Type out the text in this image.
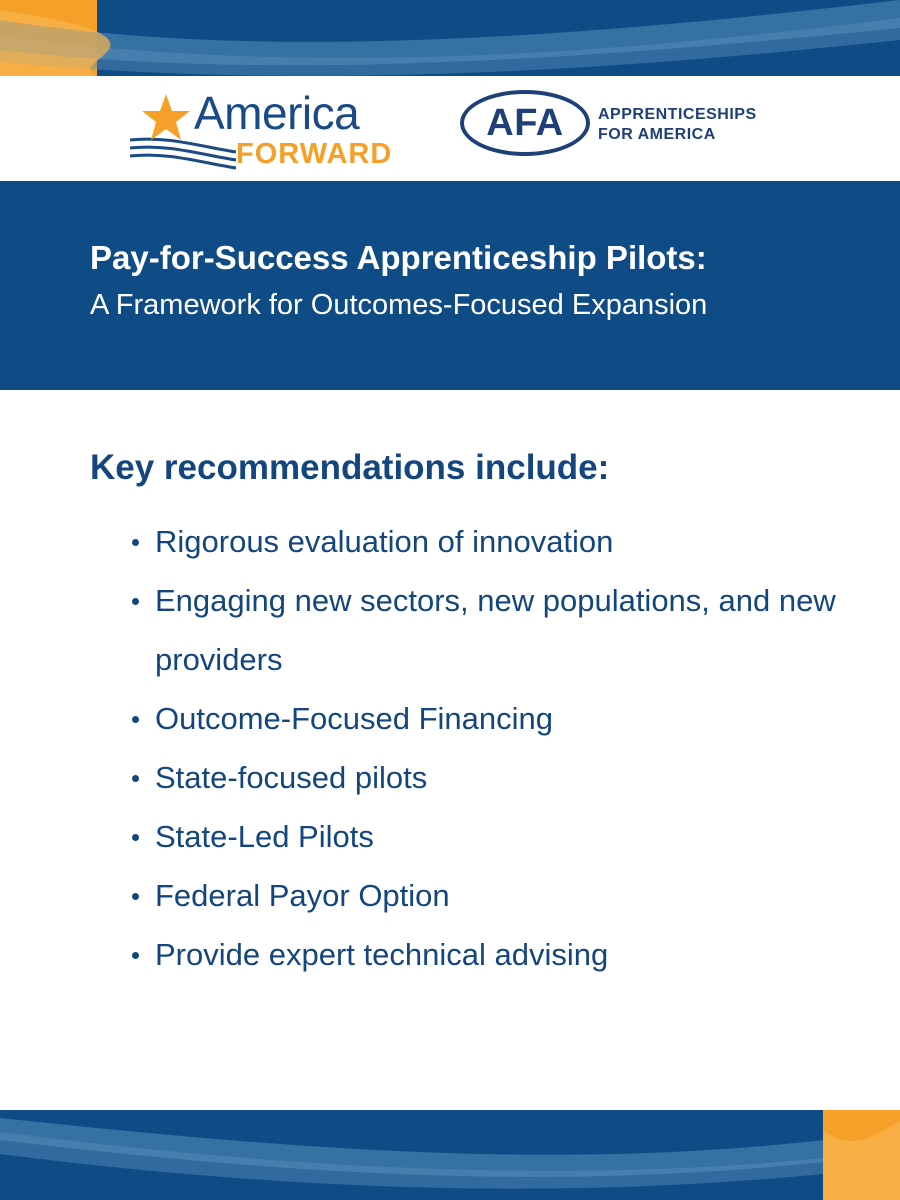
America
FORWARD
AFA	APPRENTICESHIPS
FOR AMERICA
Pay-for-Success Apprenticeship Pilots:
A Framework for Outcomes-Focused Expansion
Key recommendations include:
Rigorous evaluation of innovation
Engaging new sectors, new populations, and new providers
Outcome-Focused Financing
State-focused pilots
State-Led Pilots
Federal Payor Option
Provide expert technical advising
